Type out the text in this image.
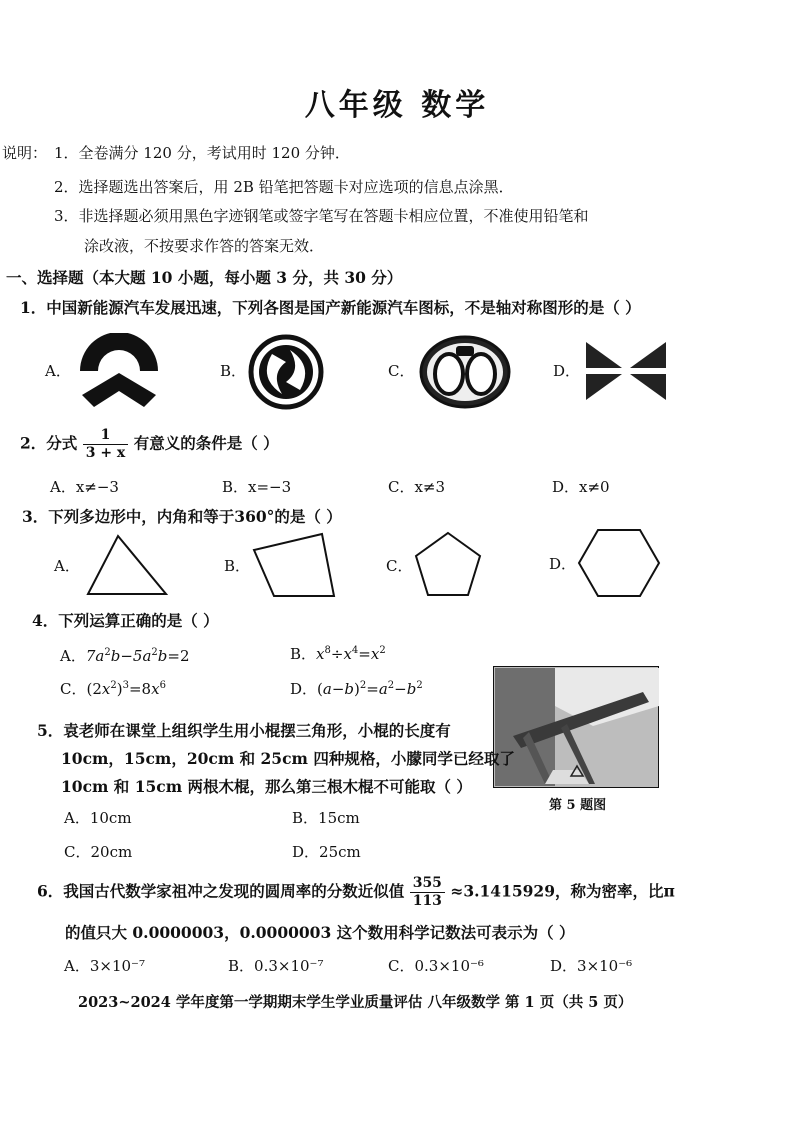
八年级 数学
说明： 1．全卷满分 120 分，考试用时 120 分钟．
2．选择题选出答案后，用 2B 铅笔把答题卡对应选项的信息点涂黑．
3．非选择题必须用黑色字迹钢笔或签字笔写在答题卡相应位置，不准使用铅笔和
涂改液，不按要求作答的答案无效．
一、选择题（本大题 10 小题，每小题 3 分，共 30 分）
1．中国新能源汽车发展迅速，下列各图是国产新能源汽车图标，不是轴对称图形的是（ ）
A．	B．	C．	D．
2．分式 $\frac{1}{3 + x}$ 有意义的条件是（ ）
A．x≠−3	B．x=−3	C．x≠3	D．x≠0
3．下列多边形中，内角和等于360°的是（ ）
A．	B．	C．	D．
4．下列运算正确的是（ ）
A．$7a^2b-5a^2b=2$	B．$x^8\div x^4=x^2$
C．$(2x^2)^3=8x^6$	D．$(a-b)^2=a^2-b^2$
第 5 题图
5．袁老师在课堂上组织学生用小棍摆三角形，小棍的长度有
10cm，15cm，20cm 和 25cm 四种规格，小朦同学已经取了
10cm 和 15cm 两根木棍，那么第三根木棍不可能取（ ）
A．10cm	B．15cm
C．20cm	D．25cm
6．我国古代数学家祖冲之发现的圆周率的分数近似值 $\frac{355}{113} \approx 3.1415929$，称为密率，比π
的值只大 0.0000003，0.0000003 这个数用科学记数法可表示为（ ）
A．3×10⁻⁷	B．0.3×10⁻⁷	C．0.3×10⁻⁶	D．3×10⁻⁶
2023~2024 学年度第一学期期末学生学业质量评估 八年级数学 第 1 页（共 5 页）
